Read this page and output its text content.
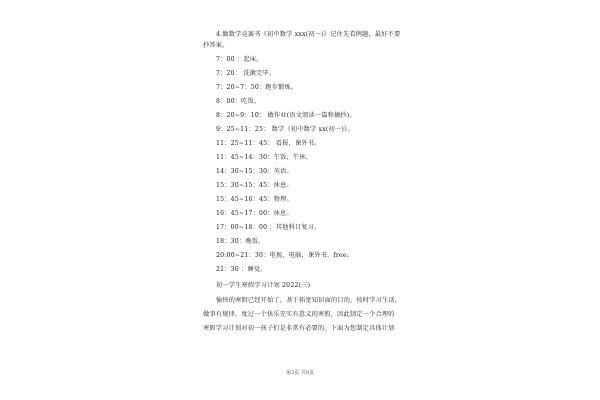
第3页 共9页
4.做数学竞赛书《初中数学 xxx(初一)》记住先看例题，最好不要
抄答案。
7：00 ：起床。
7：20： 洗漱完毕。
7：20~7：50：跑步锻炼。
8：00：吃饭。
8：20~9：10： 做作业(语文阅读一篇和摘抄)。
9：25~11：25： 数学《初中数学 xx(初一)》。
11：25~11：45： 看报，课外书。
11：45~14：30：午饭，午休。
14：30~15：30：英语。
15：30~15：45：休息。
15：45~16：45：物理。
16：45~17：00：休息。
17：00~18：00 ：其他科目复习。
18：30：晚饭。
20:00~21：30：电视，电脑，课外书，free。
21：30 ：睡觉。
初一学生寒假学习计划 2022(三)
愉快的寒假已经开始了，基于拓宽知识面的目的，按时学习生活，
做事有规律，度过一个快乐充实有意义的寒假，因此制定一个合理的
寒假学习计划对初一孩子们是非常有必要的。下面为您制定具体计划
